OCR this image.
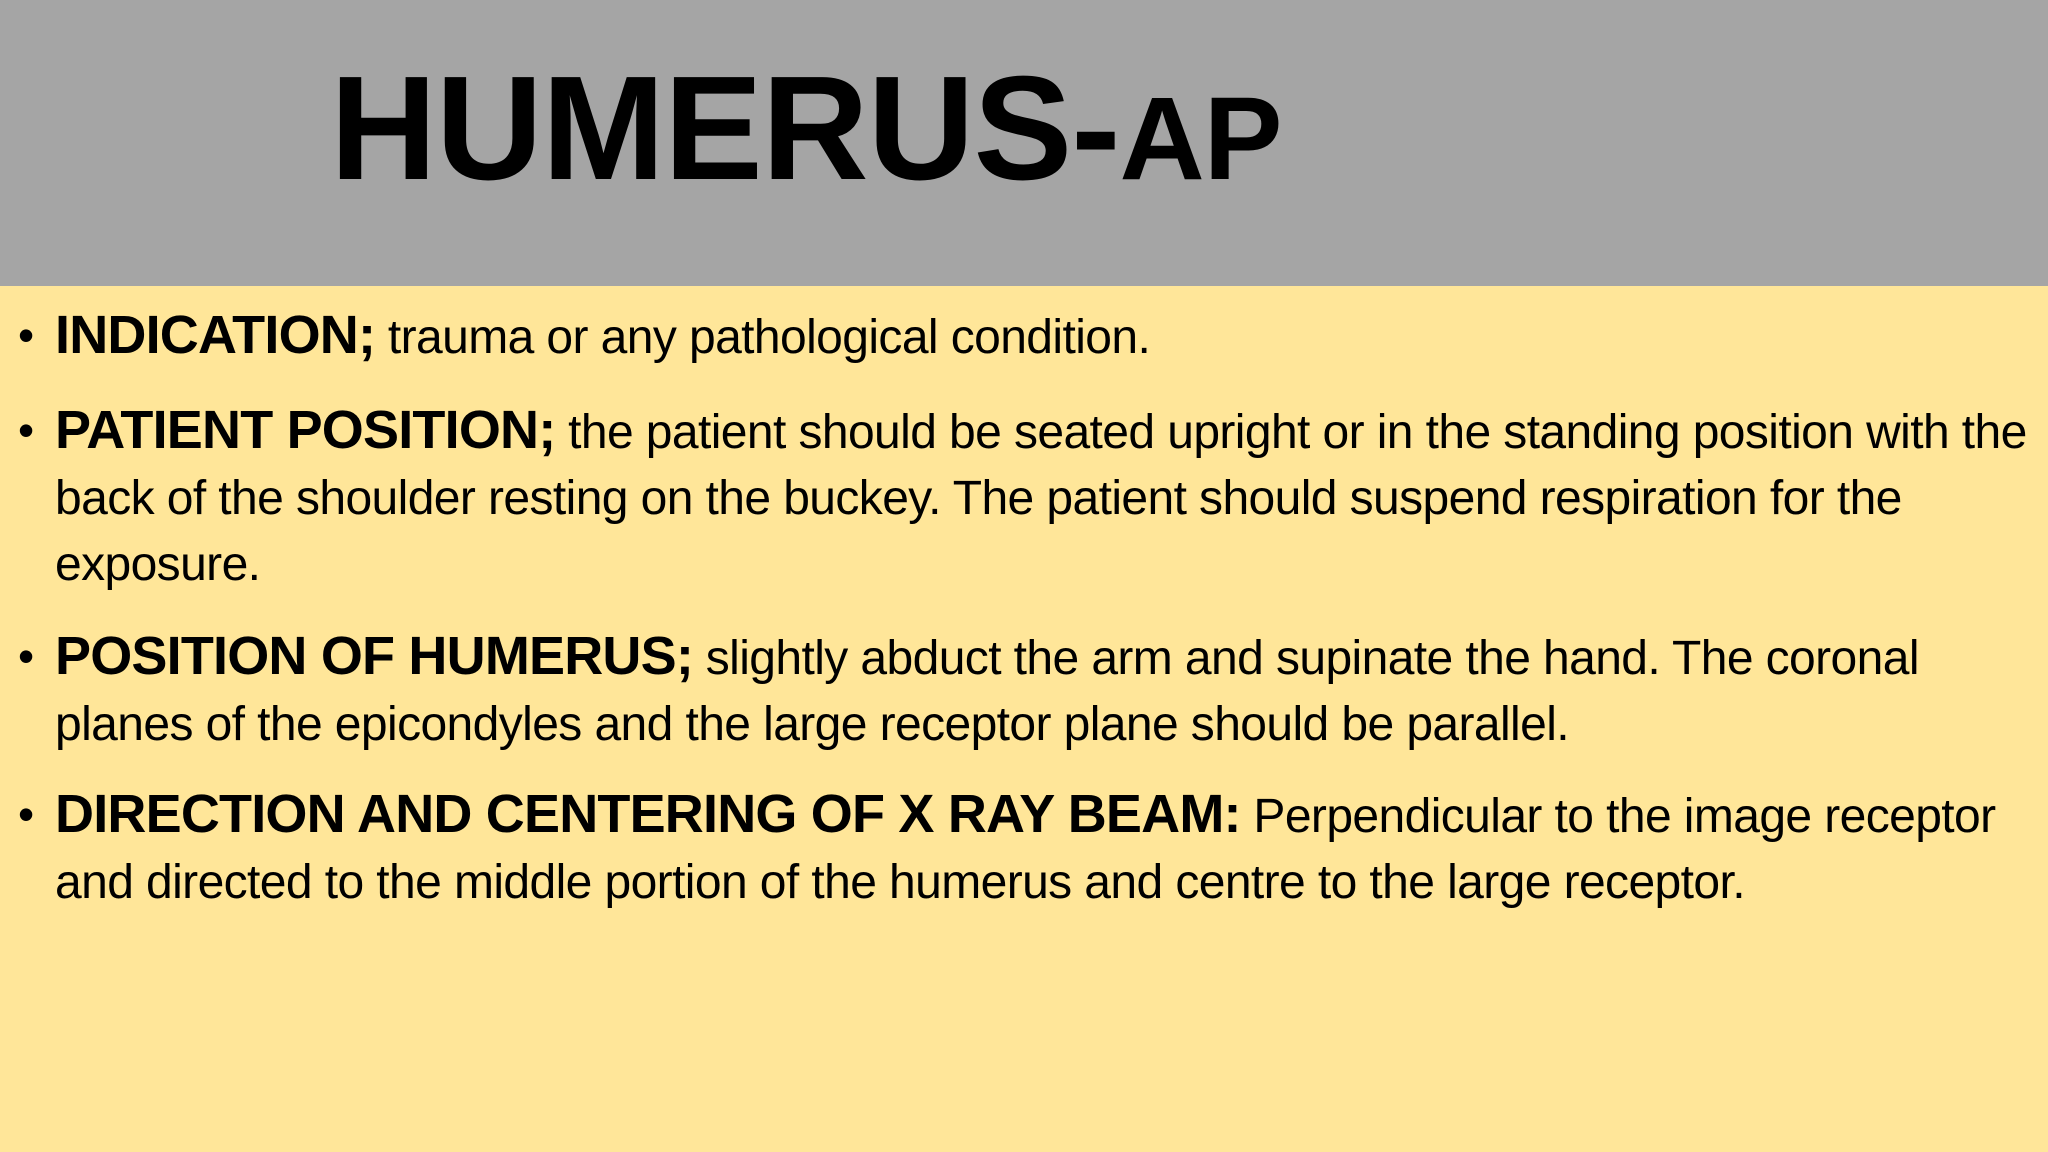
HUMERUS-AP
• INDICATION; trauma or any pathological condition.
• PATIENT POSITION; the patient should be seated upright or in the standing position with the back of the shoulder resting on the buckey. The patient should suspend respiration for the exposure.
• POSITION OF HUMERUS; slightly abduct the arm and supinate the hand. The coronal planes of the epicondyles and the large receptor plane should be parallel.
• DIRECTION AND CENTERING OF X RAY BEAM: Perpendicular to the image receptor and directed to the middle portion of the humerus and centre to the large receptor.
